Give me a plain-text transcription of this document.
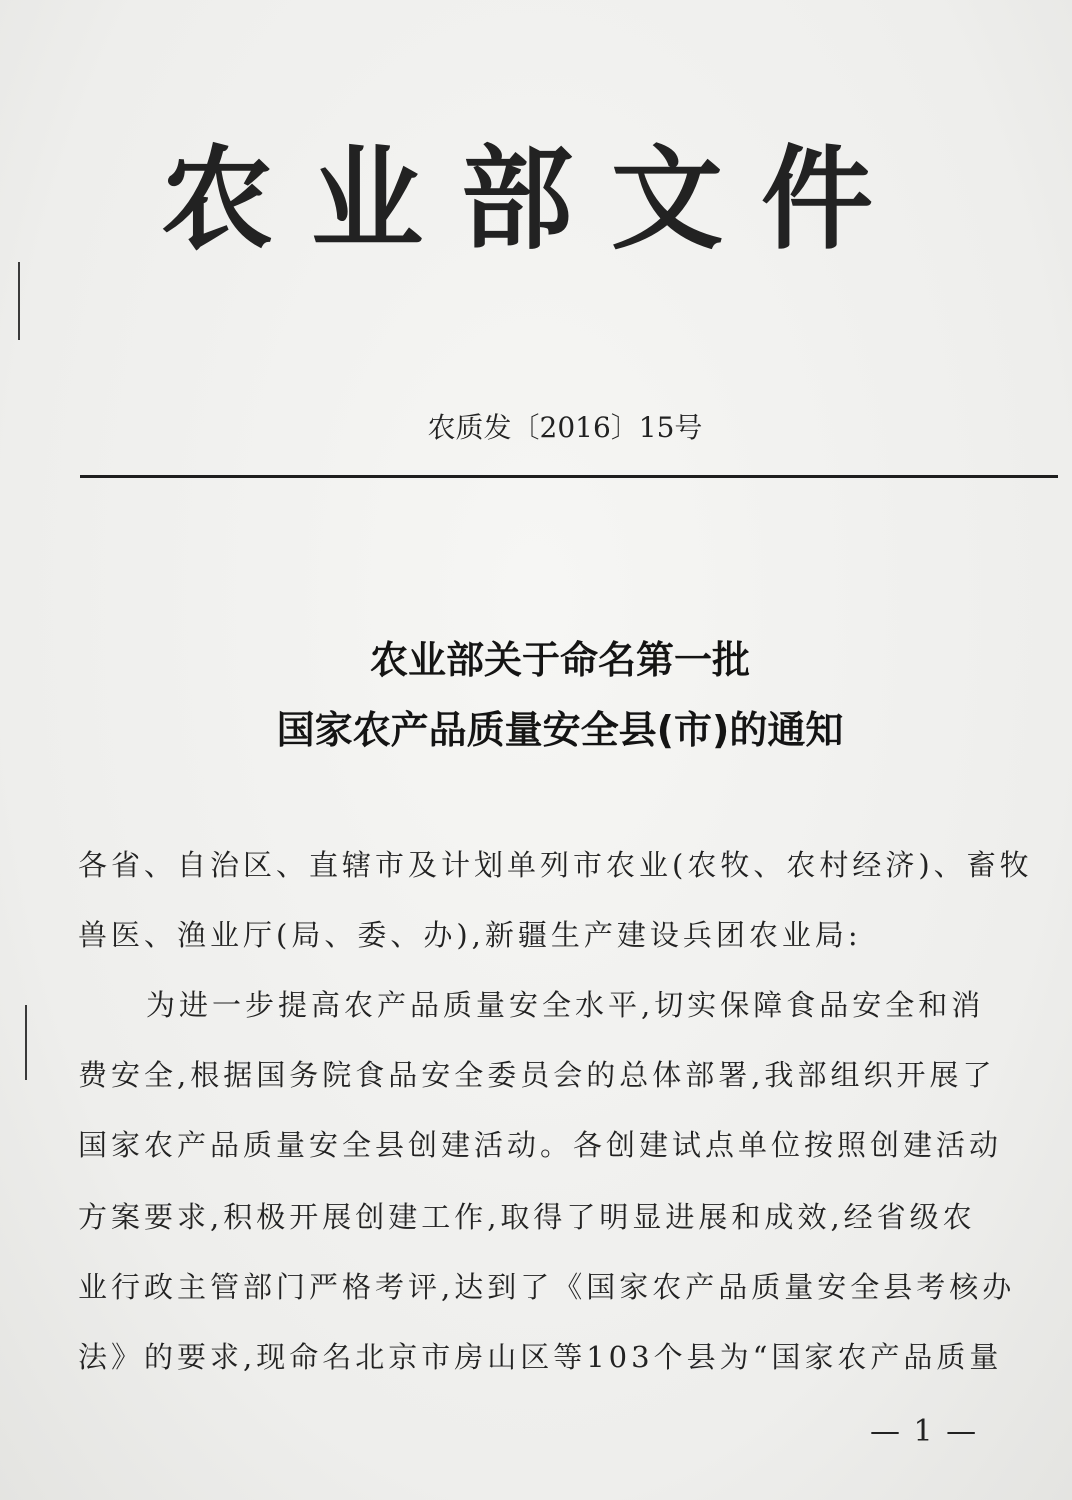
农业部文件
农质发〔2016〕15号
农业部关于命名第一批
国家农产品质量安全县(市)的通知
各省、自治区、直辖市及计划单列市农业(农牧、农村经济)、畜牧
兽医、渔业厅(局、委、办),新疆生产建设兵团农业局:
为进一步提高农产品质量安全水平,切实保障食品安全和消
费安全,根据国务院食品安全委员会的总体部署,我部组织开展了
国家农产品质量安全县创建活动。各创建试点单位按照创建活动
方案要求,积极开展创建工作,取得了明显进展和成效,经省级农
业行政主管部门严格考评,达到了《国家农产品质量安全县考核办
法》的要求,现命名北京市房山区等103个县为“国家农产品质量
— 1 —
